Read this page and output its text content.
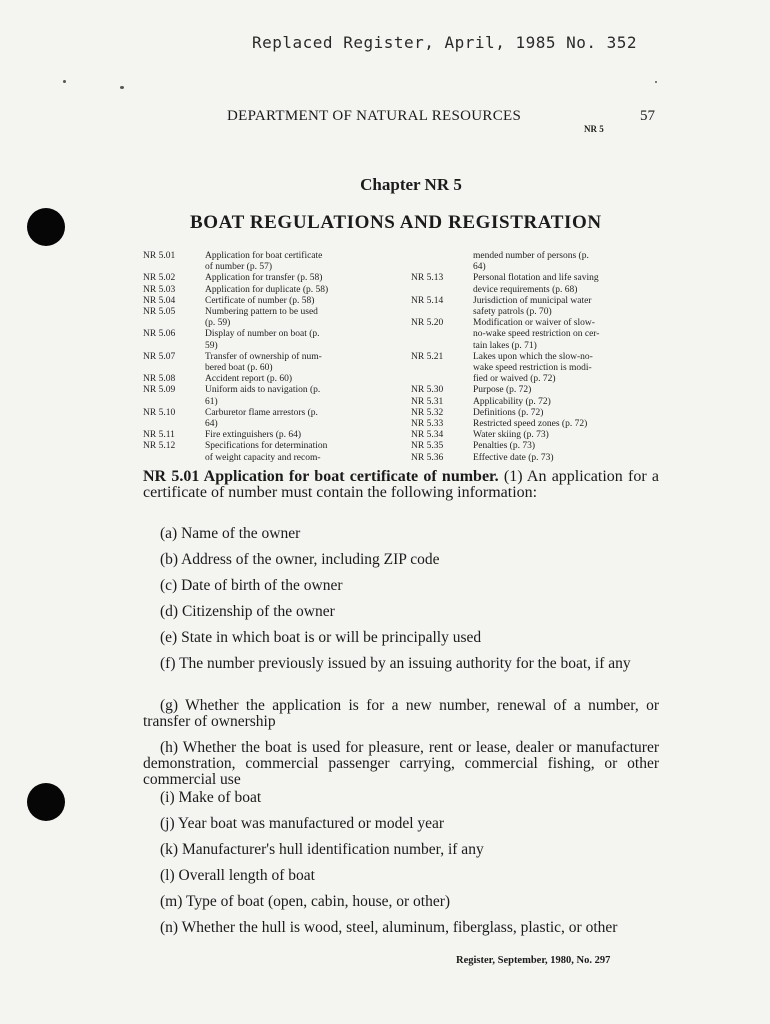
Replaced Register, April, 1985 No. 352
DEPARTMENT OF NATURAL RESOURCES
NR 5
57
Chapter NR 5
BOAT REGULATIONS AND REGISTRATION
NR 5.01	Application for boat certificate
of number (p. 57)
NR 5.02	Application for transfer (p. 58)
NR 5.03	Application for duplicate (p. 58)
NR 5.04	Certificate of number (p. 58)
NR 5.05	Numbering pattern to be used
(p. 59)
NR 5.06	Display of number on boat (p.
59)
NR 5.07	Transfer of ownership of num-
bered boat (p. 60)
NR 5.08	Accident report (p. 60)
NR 5.09	Uniform aids to navigation (p.
61)
NR 5.10	Carburetor flame arrestors (p.
64)
NR 5.11	Fire extinguishers (p. 64)
NR 5.12	Specifications for determination
of weight capacity and recom-
mended number of persons (p.
64)
NR 5.13	Personal flotation and life saving
device requirements (p. 68)
NR 5.14	Jurisdiction of municipal water
safety patrols (p. 70)
NR 5.20	Modification or waiver of slow-
no-wake speed restriction on cer-
tain lakes (p. 71)
NR 5.21	Lakes upon which the slow-no-
wake speed restriction is modi-
fied or waived (p. 72)
NR 5.30	Purpose (p. 72)
NR 5.31	Applicability (p. 72)
NR 5.32	Definitions (p. 72)
NR 5.33	Restricted speed zones (p. 72)
NR 5.34	Water skiing (p. 73)
NR 5.35	Penalties (p. 73)
NR 5.36	Effective date (p. 73)
NR 5.01 Application for boat certificate of number. (1) An application for a certificate of number must contain the following information:
(a) Name of the owner
(b) Address of the owner, including ZIP code
(c) Date of birth of the owner
(d) Citizenship of the owner
(e) State in which boat is or will be principally used
(f) The number previously issued by an issuing authority for the boat, if any
(g) Whether the application is for a new number, renewal of a number, or transfer of ownership
(h) Whether the boat is used for pleasure, rent or lease, dealer or manufacturer demonstration, commercial passenger carrying, commercial fishing, or other commercial use
(i) Make of boat
(j) Year boat was manufactured or model year
(k) Manufacturer's hull identification number, if any
(l) Overall length of boat
(m) Type of boat (open, cabin, house, or other)
(n) Whether the hull is wood, steel, aluminum, fiberglass, plastic, or other
Register, September, 1980, No. 297
